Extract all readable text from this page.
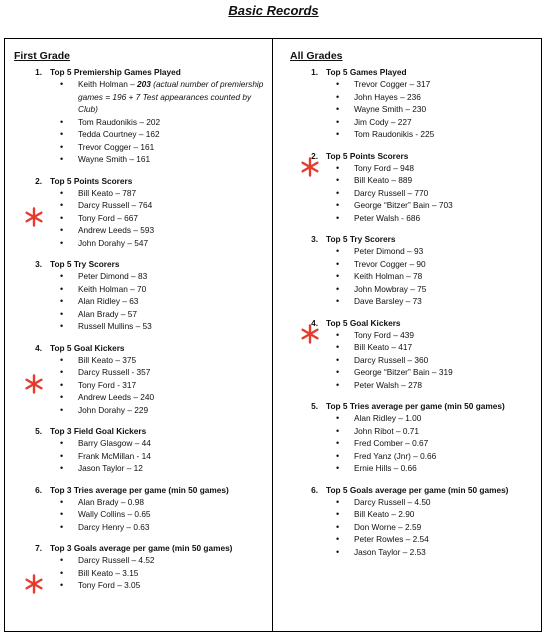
Basic Records
First Grade
1. Top 5 Premiership Games Played
• Keith Holman – 203 (actual number of premiership games = 196 + 7 Test appearances counted by Club)
• Tom Raudonikis – 202
• Tedda Courtney – 162
• Trevor Cogger – 161
• Wayne Smith – 161
2. Top 5 Points Scorers
• Bill Keato – 787
• Darcy Russell – 764
• Tony Ford – 667
• Andrew Leeds – 593
• John Dorahy – 547
3. Top 5 Try Scorers
• Peter Dimond – 83
• Keith Holman – 70
• Alan Ridley – 63
• Alan Brady – 57
• Russell Mullins – 53
4. Top 5 Goal Kickers
• Bill Keato – 375
• Darcy Russell - 357
• Tony Ford - 317
• Andrew Leeds – 240
• John Dorahy – 229
5. Top 3 Field Goal Kickers
• Barry Glasgow – 44
• Frank McMillan - 14
• Jason Taylor – 12
6. Top 3 Tries average per game (min 50 games)
• Alan Brady – 0.98
• Wally Collins – 0.65
• Darcy Henry – 0.63
7. Top 3 Goals average per game (min 50 games)
• Darcy Russell – 4.52
• Bill Keato – 3.15
• Tony Ford – 3.05
All Grades
1. Top 5 Games Played
• Trevor Cogger – 317
• John Hayes – 236
• Wayne Smith – 230
• Jim Cody – 227
• Tom Raudonikis - 225
2. Top 5 Points Scorers
• Tony Ford – 948
• Bill Keato – 889
• Darcy Russell – 770
• George “Bitzer” Bain – 703
• Peter Walsh - 686
3. Top 5 Try Scorers
• Peter Dimond – 93
• Trevor Cogger – 90
• Keith Holman – 78
• John Mowbray – 75
• Dave Barsley – 73
4. Top 5 Goal Kickers
• Tony Ford – 439
• Bill Keato – 417
• Darcy Russell – 360
• George “Bitzer” Bain – 319
• Peter Walsh – 278
5. Top 5 Tries average per game (min 50 games)
• Alan Ridley – 1.00
• John Ribot – 0.71
• Fred Comber – 0.67
• Fred Yanz (Jnr) – 0.66
• Ernie Hills – 0.66
6. Top 5 Goals average per game (min 50 games)
• Darcy Russell – 4.50
• Bill Keato – 2.90
• Don Worne – 2.59
• Peter Rowles – 2.54
• Jason Taylor – 2.53
